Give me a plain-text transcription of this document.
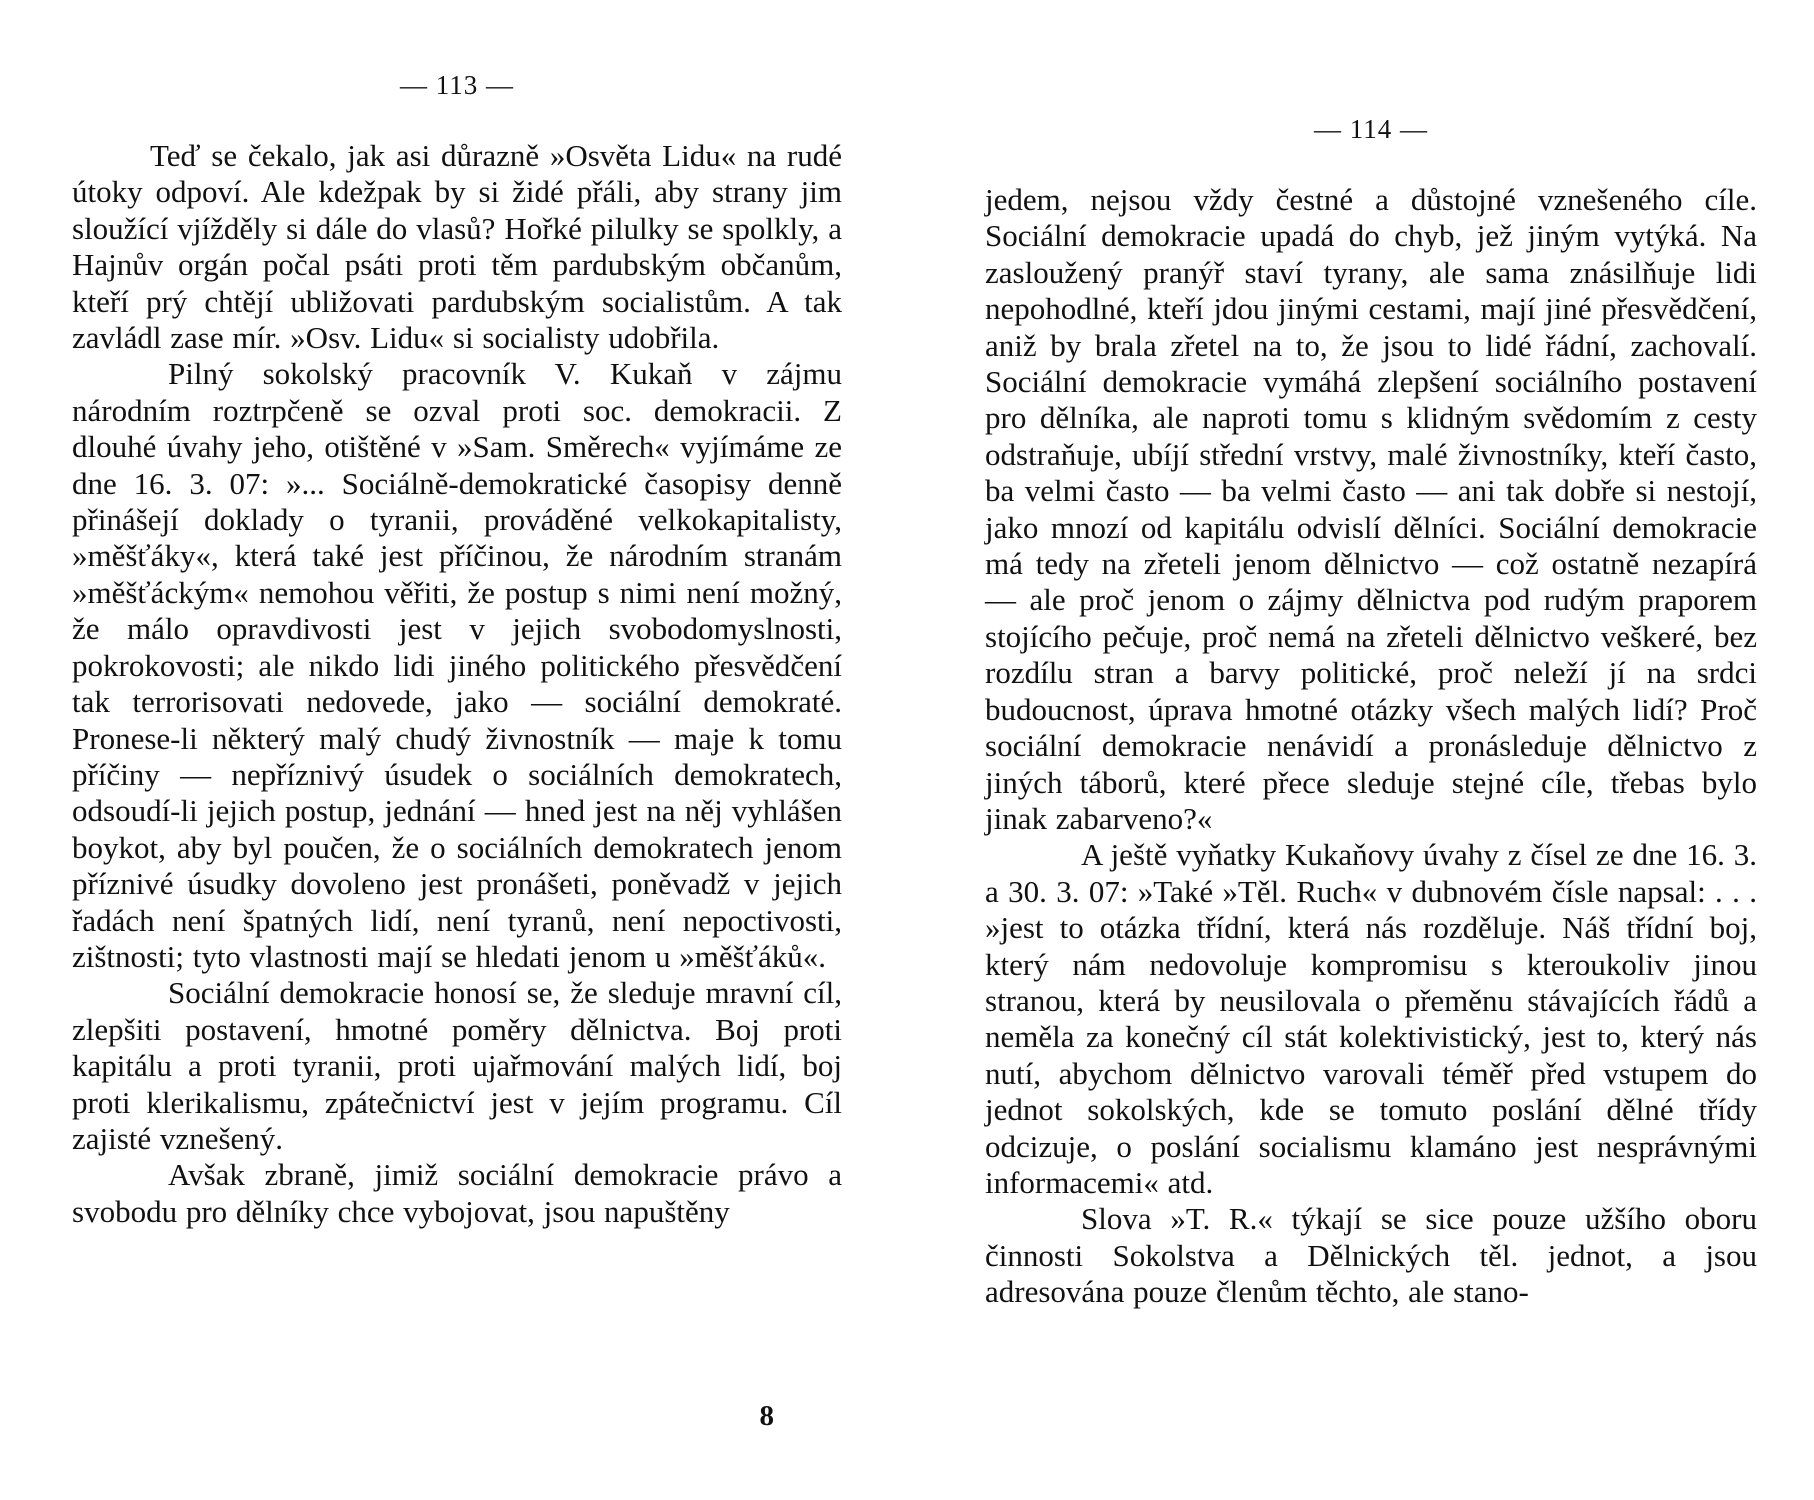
— 113 —

Teď se čekalo, jak asi důrazně »Osvěta Lidu« na rudé útoky odpoví. Ale kdežpak by si židé přáli, aby strany jim sloužící vjížděly si dále do vlasů? Hořké pilulky se spolkly, a Hajnův orgán počal psáti proti těm pardubským občanům, kteří prý chtějí ubližovati pardubským socialistům. A tak zavládl zase mír. »Osv. Lidu« si socialisty udobřila.

Pilný sokolský pracovník V. Kukaň v zájmu národním roztrpčeně se ozval proti soc. demokracii. Z dlouhé úvahy jeho, otištěné v »Sam. Směrech« vyjímáme ze dne 16. 3. 07: »... Sociálně-demokratické časopisy denně přinášejí doklady o tyranii, prováděné velkokapitalisty, »měšťáky«, která také jest příčinou, že národním stranám »měšťáckým« nemohou věřiti, že postup s nimi není možný, že málo opravdivosti jest v jejich svobodomyslnosti, pokrokovosti; ale nikdo lidi jiného politického přesvědčení tak terrorisovati nedovede, jako — sociální demokraté. Pronese-li některý malý chudý živnostník — maje k tomu příčiny — nepříznivý úsudek o sociálních demokratech, odsoudí-li jejich postup, jednání — hned jest na něj vyhlášen boykot, aby byl poučen, že o sociálních demokratech jenom příznivé úsudky dovoleno jest pronášeti, poněvadž v jejich řadách není špatných lidí, není tyranů, není nepoctivosti, zištnosti; tyto vlastnosti mají se hledati jenom u »měšťáků«.

Sociální demokracie honosí se, že sleduje mravní cíl, zlepšiti postavení, hmotné poměry dělnictva. Boj proti kapitálu a proti tyranii, proti ujařmování malých lidí, boj proti klerikalismu, zpátečnictví jest v jejím programu. Cíl zajisté vznešený.

Avšak zbraně, jimiž sociální demokracie právo a svobodu pro dělníky chce vybojovat, jsou napuštěny

8
— 114 —

jedem, nejsou vždy čestné a důstojné vznešeného cíle. Sociální demokracie upadá do chyb, jež jiným vytýká. Na zasloužený pranýř staví tyrany, ale sama znásilňuje lidi nepohodlné, kteří jdou jinými cestami, mají jiné přesvědčení, aniž by brala zřetel na to, že jsou to lidé řádní, zachovalí. Sociální demokracie vymáhá zlepšení sociálního postavení pro dělníka, ale naproti tomu s klidným svědomím z cesty odstraňuje, ubíjí střední vrstvy, malé živnostníky, kteří často, ba velmi často — ba velmi často — ani tak dobře si nestojí, jako mnozí od kapitálu odvislí dělníci. Sociální demokracie má tedy na zřeteli jenom dělnictvo — což ostatně nezapírá — ale proč jenom o zájmy dělnictva pod rudým praporem stojícího pečuje, proč nemá na zřeteli dělnictvo veškeré, bez rozdílu stran a barvy politické, proč neleží jí na srdci budoucnost, úprava hmotné otázky všech malých lidí? Proč sociální demokracie nenávidí a pronásleduje dělnictvo z jiných táborů, které přece sleduje stejné cíle, třebas bylo jinak zabarveno?«

A ještě vyňatky Kukaňovy úvahy z čísel ze dne 16. 3. a 30. 3. 07: »Také »Těl. Ruch« v dubnovém čísle napsal: . . . »jest to otázka třídní, která nás rozděluje. Náš třídní boj, který nám nedovoluje kompromisu s kteroukoliv jinou stranou, která by neusilovala o přeměnu stávajících řádů a neměla za konečný cíl stát kolektivistický, jest to, který nás nutí, abychom dělnictvo varovali téměř před vstupem do jednot sokolských, kde se tomuto poslání dělné třídy odcizuje, o poslání socialismu klamáno jest nesprávnými informacemi« atd.

Slova »T. R.« týkají se sice pouze užšího oboru činnosti Sokolstva a Dělnických těl. jednot, a jsou adresována pouze členům těchto, ale stano-
